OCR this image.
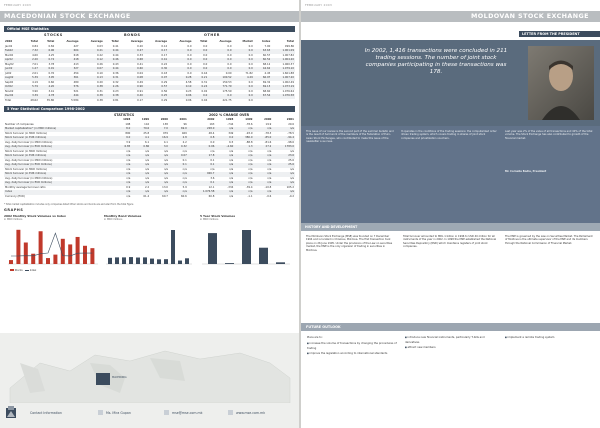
FEBRUARY 2003
MACEDONIAN STOCK EXCHANGE
Official MSE Statistics
STOCKS	BONDS	OTHER
2002	Total	Total	Average	Average	Total	Average	Average	Average	Total	Average	Market	Index	Total
Jan02	0.84	0.84	427	0.03	0.41	0.20	0.12	0.0	0.0	0.0	0.0	7.00	999.86
Feb02	7.32	6.96	604	0.21	0.44	0.27	0.17	0.0	0.0	0.0	0.0	63.63	1.001.09
Mar02	4.60	4.25	618	0.22	0.44	0.33	0.17	0.0	0.0	0.0	0.0	60.57	1.007.82
Apr02	2.20	0.74	418	0.12	0.46	0.68	0.41	0.0	0.0	0.0	0.0	60.52	1.004.20
May02	7.01	3.78	413	0.26	0.43	0.41	0.22	0.0	0.0	0.0	0.0	68.12	1.060.37
Jun02	1.27	0.91	327	0.07	0.44	0.60	0.30	0.0	0.0	0.0	0.0	44.62	1.079.10
Jul02	2.01	0.76	454	0.10	0.36	0.04	0.43	0.0	0.44	0.00	71.82	4.45	1.601.88
Aug02	5.39	3.95	361	0.13	0.31	0.08	0.07	0.28	0.21	100.52	4.29	66.97	1.007.20
Sep02	4.19	0.60	480	0.20	0.32	0.49	0.29	4.58	0.31	150.53	0.0	69.32	1.002.49
Oct02	5.79	4.20	576	0.38	2.26	0.90	0.57	0.10	0.24	771.79	0.0	69.13	1.073.19
Nov02	3.90	3.41	521	0.31	0.23	0.91	0.56	0.23	0.02	175.59	0.0	68.60	1.076.64
Dec02	3.39	4.78	444	0.38	0.38	0.40	0.25	0.06	0.0	0.0	0.0	67.54	1.076.58
Total	48.62	35.80	5.584	0.38	0.81	0.17	0.29	0.06	0.04	421.75	0.0		
5 Year Statistical Comparison 1998-2002
STATISTICS	2002 % CHANGE OVER
	1998	1999	2000	2001	2002	1998	1999	2000	2001
Number of companies	198	142	138	96	163	-744	-78.6	19.9	29.6
Market capitalization* (in MKD millions)	8.0	79.6	7.0	69.0	228.0	n/a	n/a	n/a	n/a
Stock turnover (in MKD millions)	890	25.8	979	469	48.4	349	-93.9	-78.3	-78.5
Stock turnover (in EUR millions)	9.0	4.1	16.9	2.8	0.8	0.0	380.0	-85.0	-94.4
Avg. daily turnover (in MKD millions)	3.9	6.1	4.1	2.2	0.0	6.5	-88.8	-81.6	-98.6
Avg. daily turnover (in EUR millions)	6.85	0.86	3.0	0.32	0.06	-4.60	1.3	27.2	1783.0
Stock turnover (in MKD millions)	n/a	n/a	n/a	n/a	n/a	n/a	n/a	n/a	n/a
Stock turnover (in EUR millions)	n/a	n/a	n/a	0.07	17.8	n/a	n/a	n/a	23.6
Avg. daily turnover (in MKD millions)	n/a	n/a	n/a	0.1	0.1	n/a	n/a	n/a	25.6
Avg. daily turnover (in EUR millions)	n/a	n/a	n/a	0.1	0.1	n/a	n/a	n/a	25.6
Stock turnover (in MKD millions)	n/a	n/a	n/a	n/a	n/a	n/a	n/a	n/a	n/a
Stock turnover (in EUR millions)	n/a	n/a	n/a	n/a	926.7	n/a	n/a	n/a	n/a
Avg. daily turnover (in MKD millions)	n/a	n/a	n/a	n/a	3.6	n/a	n/a	n/a	n/a
Avg. daily turnover (in EUR millions)	n/a	n/a	n/a	n/a	0.1	n/a	n/a	n/a	n/a
Monthly average turnover ratio	0.9	2.2	13.0	5.9	12.1	-334	-39.4	-10.8	105.2
Index	n/a	n/a	n/a	n/a	1.076.58	n/a	n/a	n/a	n/a
Currency (EUR)	n/a	61.4	60.7	60.6	60.8	n/a	-1.1	-0.6	-0.2
* Total market capitalization includes only companies listed Other stocks and bonds are excluded from the total figure
GRAPHS
2002 Monthly Stock Volumes vs Index
in MKD millions
Stocks	Index
Monthly Bond Volumes
in MKD millions
5 Year Stock Volumes
in MKD millions
MACEDONIA
Contact Information	Ms. Mira Gupan	mse@mse.com.mk	www.mse.com.mk
FEBRUARY 2003
MOLDOVAN STOCK EXCHANGE
LETTER FROM THE PRESIDENT
In 2002, 1,416 transactions were concluded in 211 trading sessions. The number of joint stock companies participating in these transactions was 178.
This issue of our review is the second part of the summer bulletin and is the result of hard work of the members of the Federation of Euro-Asian Stock Exchanges, who contributed to make this issue of the newsletter a success.
It operates in the conditions of the trading sessions: the computerized order driven trading system, which covers trading in shares of joint stock companies and privatization vouchers.
Last year was 2% of the value of all transactions and 40% of the total volume. The Stock Exchange has also contributed to growth of the financial market.
Mr. Corneliu Bodiu, President
HISTORY AND DEVELOPMENT
The Moldovan Stock Exchange (MSE) was founded on 7 December 1994 and is located in Chisinau, Moldova. The first transaction took place on 26 June 1995. Under the provisions of the Law on securities market, the MSE is the only organizer of trading in securities in Moldova.
Total turnover amounted to MDL 1 billion in 1996 to USD 40 million for all instruments of the year in 2002. In 1998 the MSE established the National Securities Depository (NSD) which maintains registers of joint stock companies.
The MSE is governed by the Law on Securities Market. The Parliament of Moldova is the ultimate supervisor of the MSE and its members through the National Commission of Financial Market.
FUTURE OUTLOOK
Plans are to:
■ increase the volume of transactions by changing the procedures of trading
■ improve the legislation according to international standards
■ introduce new financial instruments, particularly T-bills and derivatives
■ attract new members
■ implement a remote trading system
